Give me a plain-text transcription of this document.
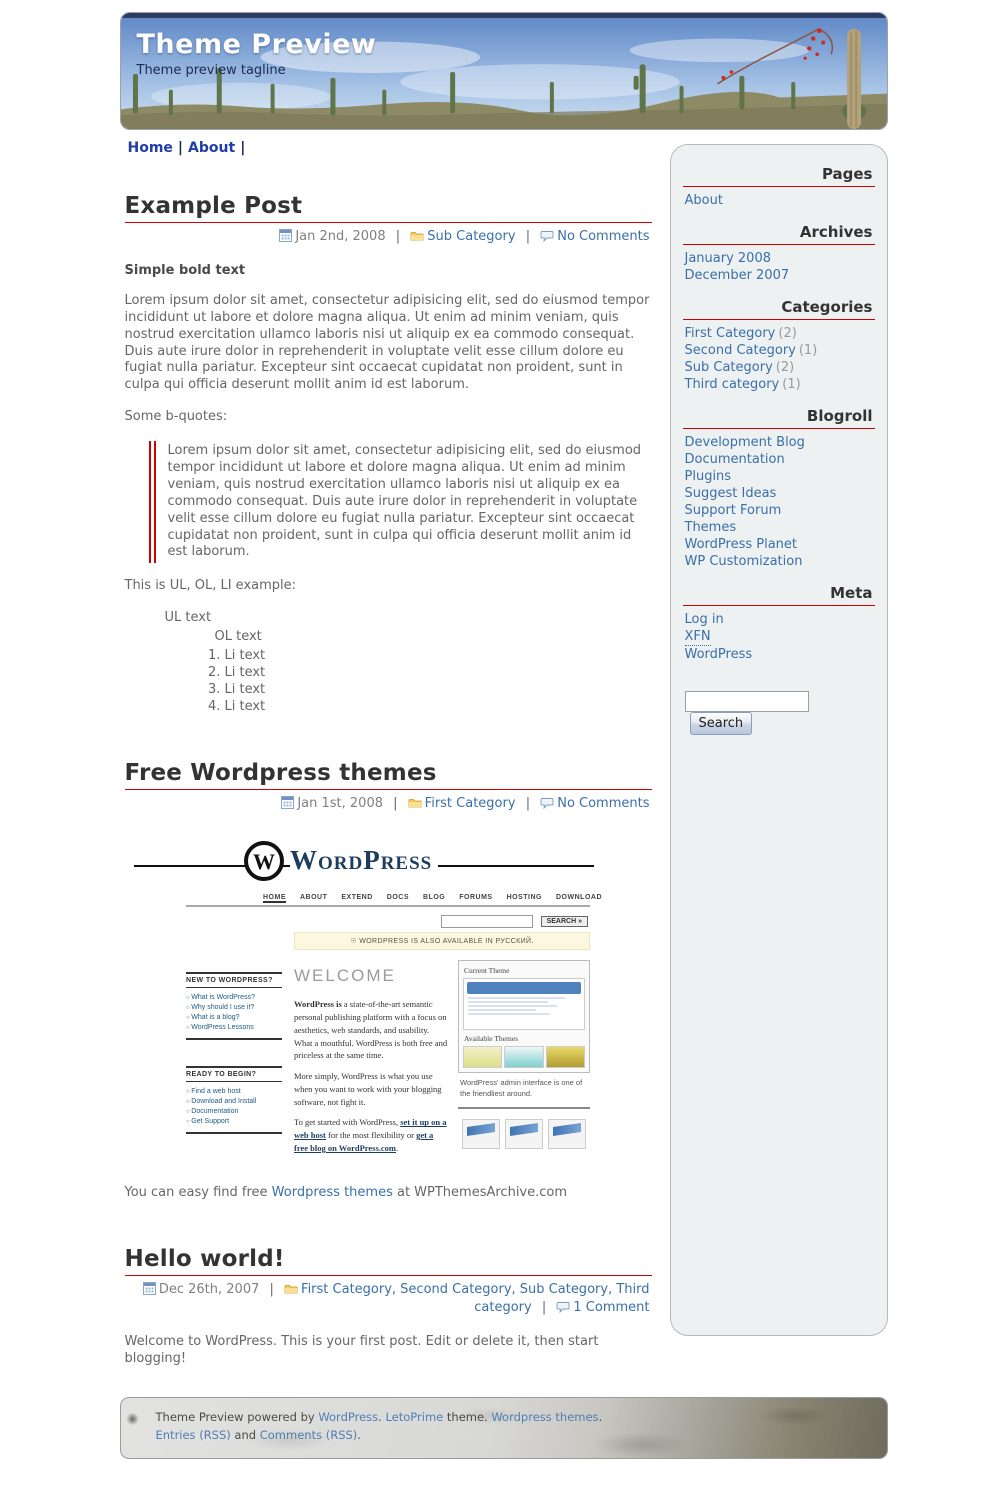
Theme Preview
Theme preview tagline
Home | About |
Example Post
Jan 2nd, 2008 | Sub Category | No Comments
Simple bold text

Lorem ipsum dolor sit amet, consectetur adipisicing elit, sed do eiusmod tempor incididunt ut labore et dolore magna aliqua. Ut enim ad minim veniam, quis nostrud exercitation ullamco laboris nisi ut aliquip ex ea commodo consequat. Duis aute irure dolor in reprehenderit in voluptate velit esse cillum dolore eu fugiat nulla pariatur. Excepteur sint occaecat cupidatat non proident, sunt in culpa qui officia deserunt mollit anim id est laborum.

Some b-quotes:

Lorem ipsum dolor sit amet, consectetur adipisicing elit, sed do eiusmod tempor incididunt ut labore et dolore magna aliqua. Ut enim ad minim veniam, quis nostrud exercitation ullamco laboris nisi ut aliquip ex ea commodo consequat. Duis aute irure dolor in reprehenderit in voluptate velit esse cillum dolore eu fugiat nulla pariatur. Excepteur sint occaecat cupidatat non proident, sunt in culpa qui officia deserunt mollit anim id est laborum.

This is UL, OL, LI example:

UL text
OL text
1. Li text
2. Li text
3. Li text
4. Li text
Free Wordpress themes
Jan 1st, 2008 | First Category | No Comments
W WordPress
HOME ABOUT EXTEND DOCS BLOG FORUMS HOSTING DOWNLOAD
SEARCH »
NEW TO WORDPRESS?
○ What is WordPress?
○ Why should I use it?
○ What is a blog?
○ WordPress Lessons
READY TO BEGIN?
○ Find a web host
○ Download and Install
○ Documentation
○ Get Support
☉ WORDPRESS IS ALSO AVAILABLE IN РУССКИЙ.
WELCOME

WordPress is a state-of-the-art semantic personal publishing platform with a focus on aesthetics, web standards, and usability. What a mouthful. WordPress is both free and priceless at the same time.

More simply, WordPress is what you use when you want to work with your blogging software, not fight it.

To get started with WordPress, set it up on a web host for the most flexibility or get a free blog on WordPress.com.

Current Theme
Available Themes
WordPress' admin interface is one of the friendliest around.

You can easy find free Wordpress themes at WPThemesArchive.com

Hello world!
Dec 26th, 2007 | First Category, Second Category, Sub Category, Third category | 1 Comment

Welcome to WordPress. This is your first post. Edit or delete it, then start blogging!

Pages
About
Archives
January 2008
December 2007
Categories
First Category (2)
Second Category (1)
Sub Category (2)
Third category (1)
Blogroll
Development Blog
Documentation
Plugins
Suggest Ideas
Support Forum
Themes
WordPress Planet
WP Customization
Meta
Log in
XFN
WordPress
Search
Theme Preview powered by WordPress. LetoPrime theme. Wordpress themes.
Entries (RSS) and Comments (RSS).
